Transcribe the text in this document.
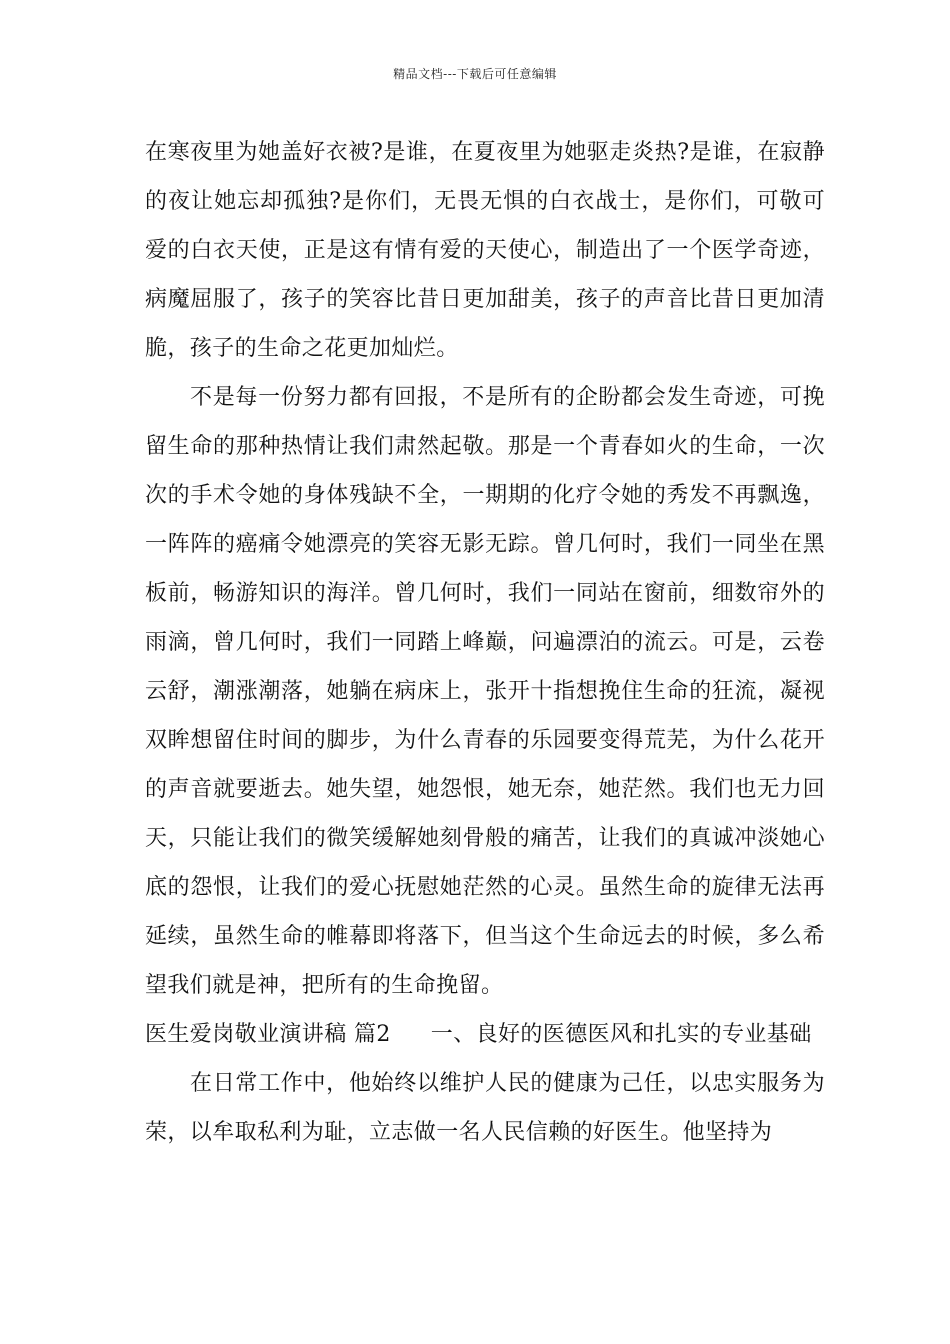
精品文档---下载后可任意编辑

在寒夜里为她盖好衣被?是谁，在夏夜里为她驱走炎热?是谁，在寂静的夜让她忘却孤独?是你们，无畏无惧的白衣战士，是你们，可敬可爱的白衣天使，正是这有情有爱的天使心，制造出了一个医学奇迹，病魔屈服了，孩子的笑容比昔日更加甜美，孩子的声音比昔日更加清脆，孩子的生命之花更加灿烂。

不是每一份努力都有回报，不是所有的企盼都会发生奇迹，可挽留生命的那种热情让我们肃然起敬。那是一个青春如火的生命，一次次的手术令她的身体残缺不全，一期期的化疗令她的秀发不再飘逸，一阵阵的癌痛令她漂亮的笑容无影无踪。曾几何时，我们一同坐在黑板前，畅游知识的海洋。曾几何时，我们一同站在窗前，细数帘外的雨滴，曾几何时，我们一同踏上峰巅，问遍漂泊的流云。可是，云卷云舒，潮涨潮落，她躺在病床上，张开十指想挽住生命的狂流，凝视双眸想留住时间的脚步，为什么青春的乐园要变得荒芜，为什么花开的声音就要逝去。她失望，她怨恨，她无奈，她茫然。我们也无力回天，只能让我们的微笑缓解她刻骨般的痛苦，让我们的真诚冲淡她心底的怨恨，让我们的爱心抚慰她茫然的心灵。虽然生命的旋律无法再延续，虽然生命的帷幕即将落下，但当这个生命远去的时候，多么希望我们就是神，把所有的生命挽留。

医生爱岗敬业演讲稿 篇2 一、良好的医德医风和扎实的专业基础

在日常工作中，他始终以维护人民的健康为己任，以忠实服务为荣，以牟取私利为耻，立志做一名人民信赖的好医生。他坚持为
